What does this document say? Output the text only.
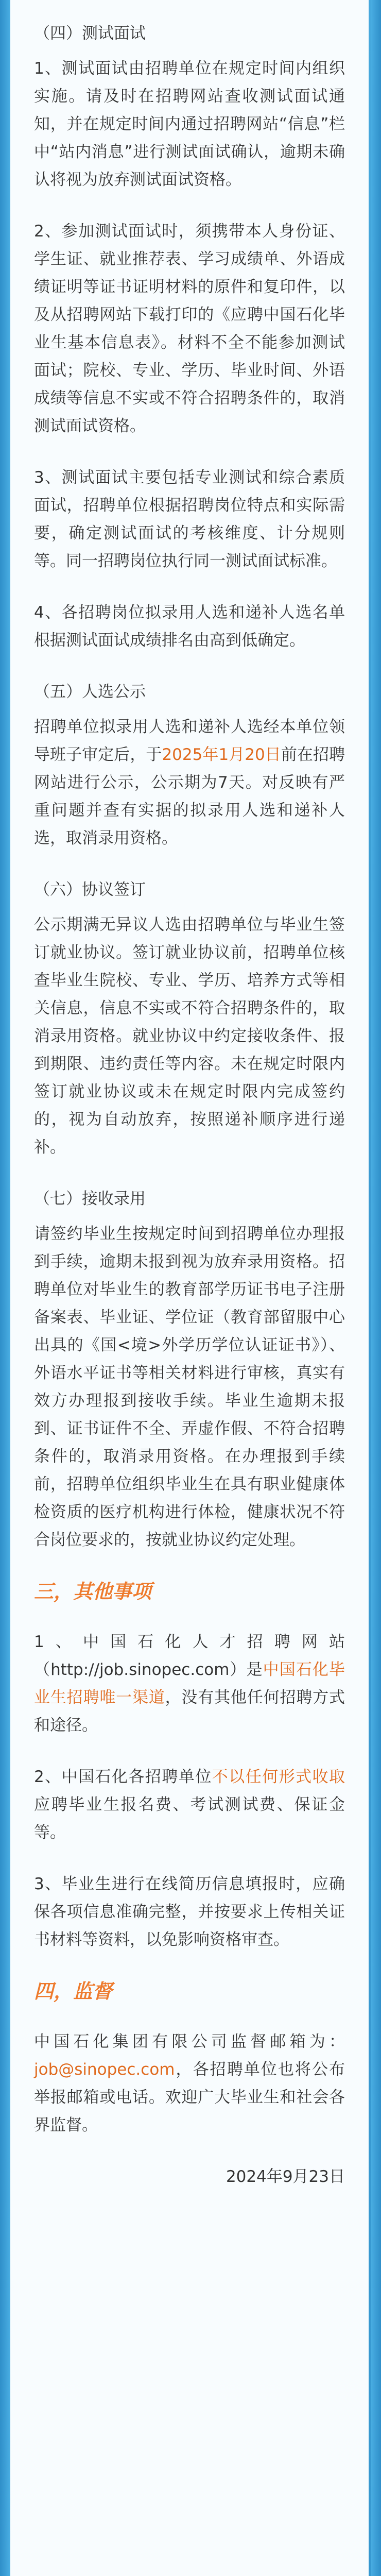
（四）测试面试

1、测试面试由招聘单位在规定时间内组织实施。请及时在招聘网站查收测试面试通知，并在规定时间内通过招聘网站“信息”栏中“站内消息”进行测试面试确认，逾期未确认将视为放弃测试面试资格。

2、参加测试面试时，须携带本人身份证、学生证、就业推荐表、学习成绩单、外语成绩证明等证书证明材料的原件和复印件，以及从招聘网站下载打印的《应聘中国石化毕业生基本信息表》。材料不全不能参加测试面试；院校、专业、学历、毕业时间、外语成绩等信息不实或不符合招聘条件的，取消测试面试资格。

3、测试面试主要包括专业测试和综合素质面试，招聘单位根据招聘岗位特点和实际需要，确定测试面试的考核维度、计分规则等。同一招聘岗位执行同一测试面试标准。

4、各招聘岗位拟录用人选和递补人选名单根据测试面试成绩排名由高到低确定。

（五）人选公示

招聘单位拟录用人选和递补人选经本单位领导班子审定后，于2025年1月20日前在招聘网站进行公示，公示期为7天。对反映有严重问题并查有实据的拟录用人选和递补人选，取消录用资格。

（六）协议签订

公示期满无异议人选由招聘单位与毕业生签订就业协议。签订就业协议前，招聘单位核查毕业生院校、专业、学历、培养方式等相关信息，信息不实或不符合招聘条件的，取消录用资格。就业协议中约定接收条件、报到期限、违约责任等内容。未在规定时限内签订就业协议或未在规定时限内完成签约的，视为自动放弃，按照递补顺序进行递补。

（七）接收录用

请签约毕业生按规定时间到招聘单位办理报到手续，逾期未报到视为放弃录用资格。招聘单位对毕业生的教育部学历证书电子注册备案表、毕业证、学位证（教育部留服中心出具的《国<境>外学历学位认证证书》）、外语水平证书等相关材料进行审核，真实有效方办理报到接收手续。毕业生逾期未报到、证书证件不全、弄虚作假、不符合招聘条件的，取消录用资格。在办理报到手续前，招聘单位组织毕业生在具有职业健康体检资质的医疗机构进行体检，健康状况不符合岗位要求的，按就业协议约定处理。

三，其他事项

1、中国石化人才招聘网站（http://job.sinopec.com）是中国石化毕业生招聘唯一渠道，没有其他任何招聘方式和途径。

2、中国石化各招聘单位不以任何形式收取应聘毕业生报名费、考试测试费、保证金等。

3、毕业生进行在线简历信息填报时，应确保各项信息准确完整，并按要求上传相关证书材料等资料，以免影响资格审查。

四，监督

中国石化集团有限公司监督邮箱为：job@sinopec.com，各招聘单位也将公布举报邮箱或电话。欢迎广大毕业生和社会各界监督。

2024年9月23日
